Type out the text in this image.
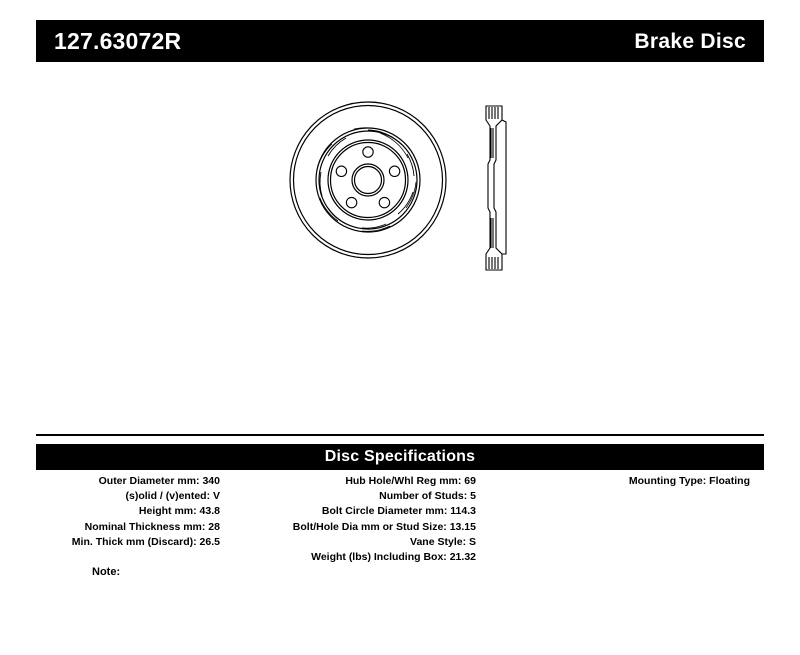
127.63072R	Brake Disc
Disc Specifications
Outer Diameter mm: 340
(s)olid / (v)ented: V
Height mm: 43.8
Nominal Thickness mm: 28
Min. Thick mm (Discard): 26.5
Hub Hole/Whl Reg mm: 69
Number of Studs: 5
Bolt Circle Diameter mm: 114.3
Bolt/Hole Dia mm or Stud Size: 13.15
Vane Style: S
Weight (lbs) Including Box: 21.32
Mounting Type: Floating
Note:
